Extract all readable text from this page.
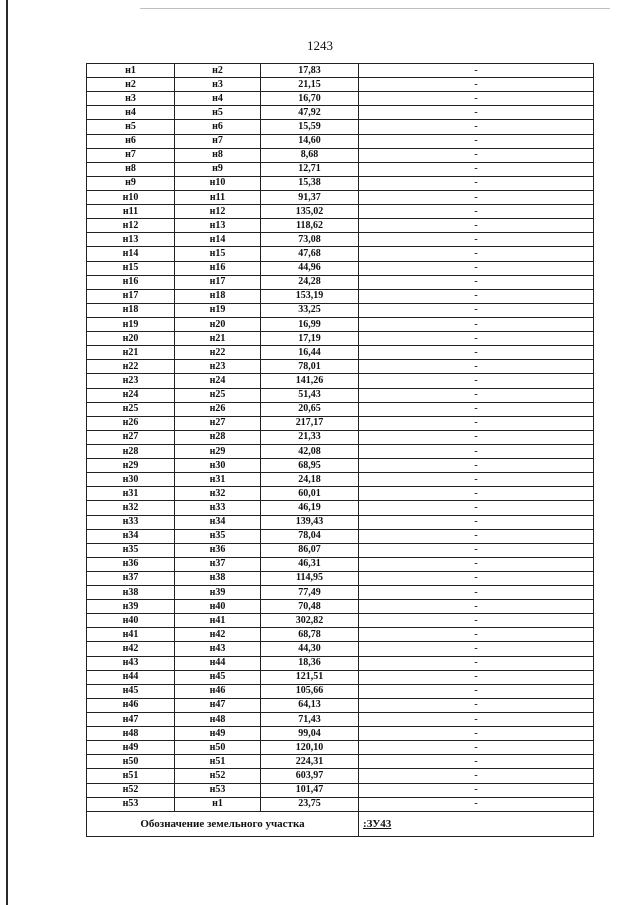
1243
н1	н2	17,83	-
н2	н3	21,15	-
н3	н4	16,70	-
н4	н5	47,92	-
н5	н6	15,59	-
н6	н7	14,60	-
н7	н8	8,68	-
н8	н9	12,71	-
н9	н10	15,38	-
н10	н11	91,37	-
н11	н12	135,02	-
н12	н13	118,62	-
н13	н14	73,08	-
н14	н15	47,68	-
н15	н16	44,96	-
н16	н17	24,28	-
н17	н18	153,19	-
н18	н19	33,25	-
н19	н20	16,99	-
н20	н21	17,19	-
н21	н22	16,44	-
н22	н23	78,01	-
н23	н24	141,26	-
н24	н25	51,43	-
н25	н26	20,65	-
н26	н27	217,17	-
н27	н28	21,33	-
н28	н29	42,08	-
н29	н30	68,95	-
н30	н31	24,18	-
н31	н32	60,01	-
н32	н33	46,19	-
н33	н34	139,43	-
н34	н35	78,04	-
н35	н36	86,07	-
н36	н37	46,31	-
н37	н38	114,95	-
н38	н39	77,49	-
н39	н40	70,48	-
н40	н41	302,82	-
н41	н42	68,78	-
н42	н43	44,30	-
н43	н44	18,36	-
н44	н45	121,51	-
н45	н46	105,66	-
н46	н47	64,13	-
н47	н48	71,43	-
н48	н49	99,04	-
н49	н50	120,10	-
н50	н51	224,31	-
н51	н52	603,97	-
н52	н53	101,47	-
н53	н1	23,75	-
Обозначение земельного участка			:ЗУ43
